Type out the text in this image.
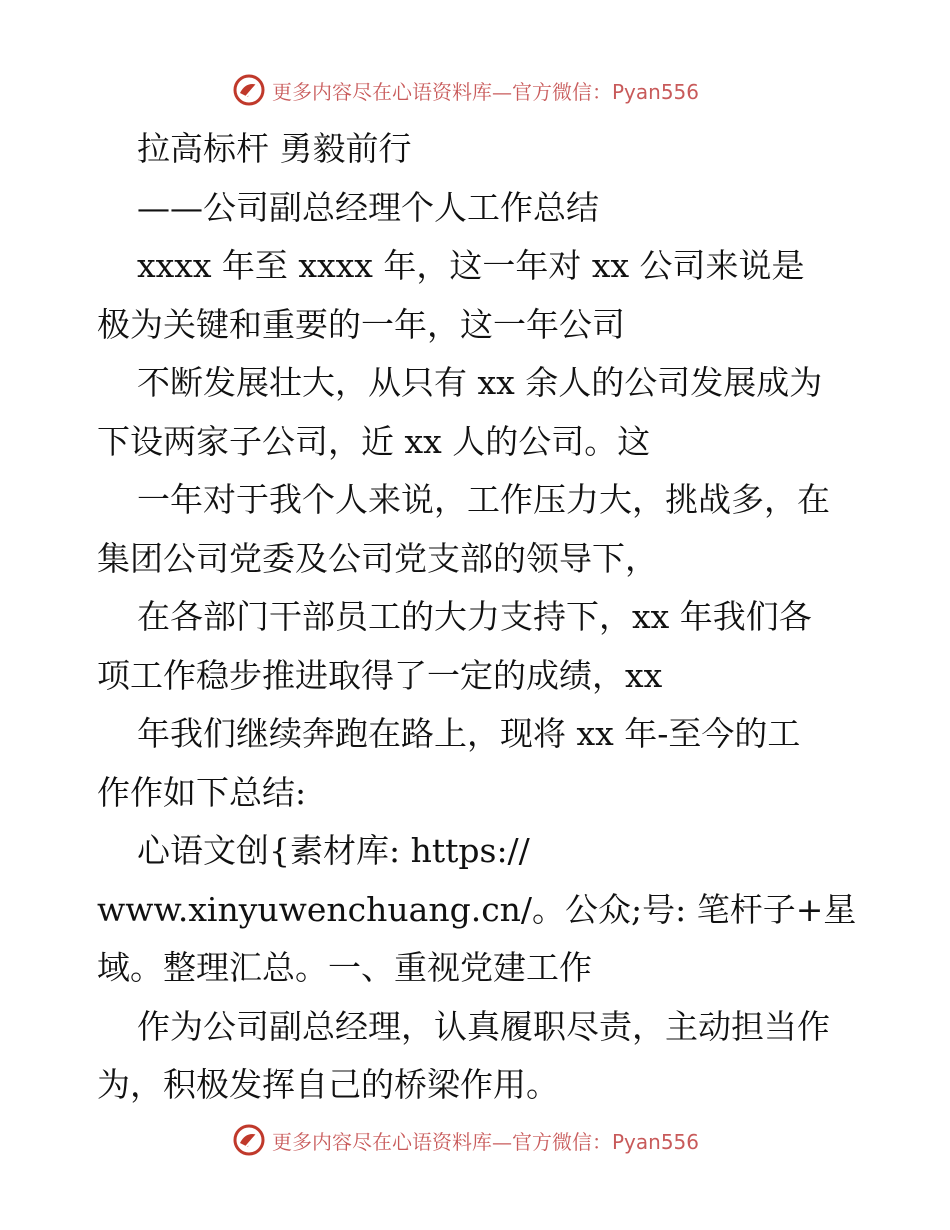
更多内容尽在心语资料库—官方微信：Pyan556
拉高标杆 勇毅前行
——公司副总经理个人工作总结
xxxx 年至 xxxx 年，这一年对 xx 公司来说是
极为关键和重要的一年，这一年公司
不断发展壮大，从只有 xx 余人的公司发展成为
下设两家子公司，近 xx 人的公司。这
一年对于我个人来说，工作压力大，挑战多，在
集团公司党委及公司党支部的领导下，
在各部门干部员工的大力支持下，xx 年我们各
项工作稳步推进取得了一定的成绩，xx
年我们继续奔跑在路上，现将 xx 年-至今的工
作作如下总结:
心语文创{素材库: https://
www.xinyuwenchuang.cn/。公众;号: 笔杆子+星
域。整理汇总。一、重视党建工作
作为公司副总经理，认真履职尽责，主动担当作
为，积极发挥自己的桥梁作用。
更多内容尽在心语资料库—官方微信：Pyan556
